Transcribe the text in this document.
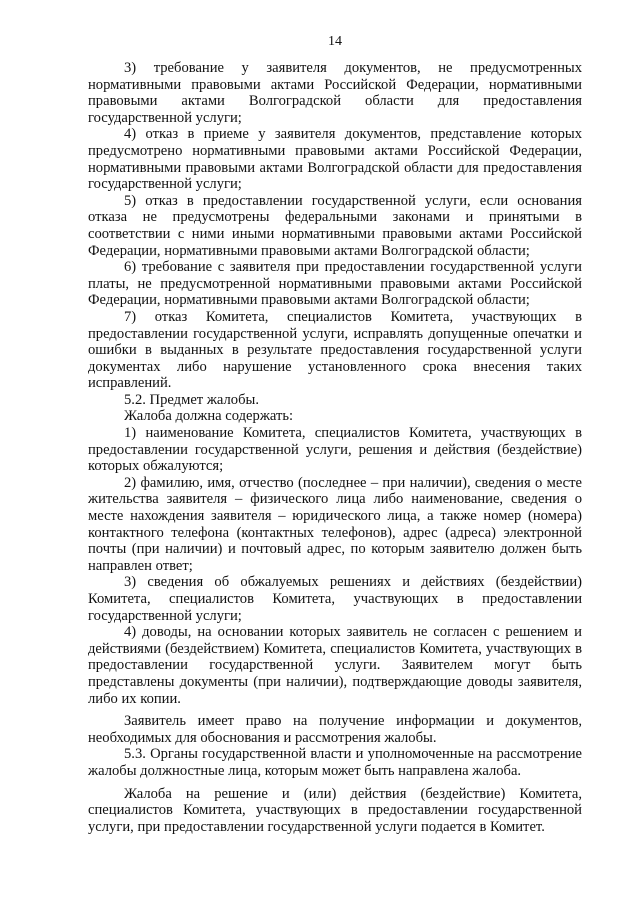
14

3) требование у заявителя документов, не предусмотренных нормативными правовыми актами Российской Федерации, нормативными правовыми актами Волгоградской области для предоставления государственной услуги;

4) отказ в приеме у заявителя документов, представление которых предусмотрено нормативными правовыми актами Российской Федерации, нормативными правовыми актами Волгоградской области для предоставления государственной услуги;

5) отказ в предоставлении государственной услуги, если основания отказа не предусмотрены федеральными законами и принятыми в соответствии с ними иными нормативными правовыми актами Российской Федерации, нормативными правовыми актами Волгоградской области;

6) требование с заявителя при предоставлении государственной услуги платы, не предусмотренной нормативными правовыми актами Российской Федерации, нормативными правовыми актами Волгоградской области;

7) отказ Комитета, специалистов Комитета, участвующих в предоставлении государственной услуги, исправлять допущенные опечатки и ошибки в выданных в результате предоставления государственной услуги документах либо нарушение установленного срока внесения таких исправлений.

5.2. Предмет жалобы.

Жалоба должна содержать:

1) наименование Комитета, специалистов Комитета, участвующих в предоставлении государственной услуги, решения и действия (бездействие) которых обжалуются;

2) фамилию, имя, отчество (последнее – при наличии), сведения о месте жительства заявителя – физического лица либо наименование, сведения о месте нахождения заявителя – юридического лица, а также номер (номера) контактного телефона (контактных телефонов), адрес (адреса) электронной почты (при наличии) и почтовый адрес, по которым заявителю должен быть направлен ответ;

3) сведения об обжалуемых решениях и действиях (бездействии) Комитета, специалистов Комитета, участвующих в предоставлении государственной услуги;

4) доводы, на основании которых заявитель не согласен с решением и действиями (бездействием) Комитета, специалистов Комитета, участвующих в предоставлении государственной услуги. Заявителем могут быть представлены документы (при наличии), подтверждающие доводы заявителя, либо их копии.

Заявитель имеет право на получение информации и документов, необходимых для обоснования и рассмотрения жалобы.

5.3. Органы государственной власти и уполномоченные на рассмотрение жалобы должностные лица, которым может быть направлена жалоба.

Жалоба на решение и (или) действия (бездействие) Комитета, специалистов Комитета, участвующих в предоставлении государственной услуги, при предоставлении государственной услуги подается в Комитет.
